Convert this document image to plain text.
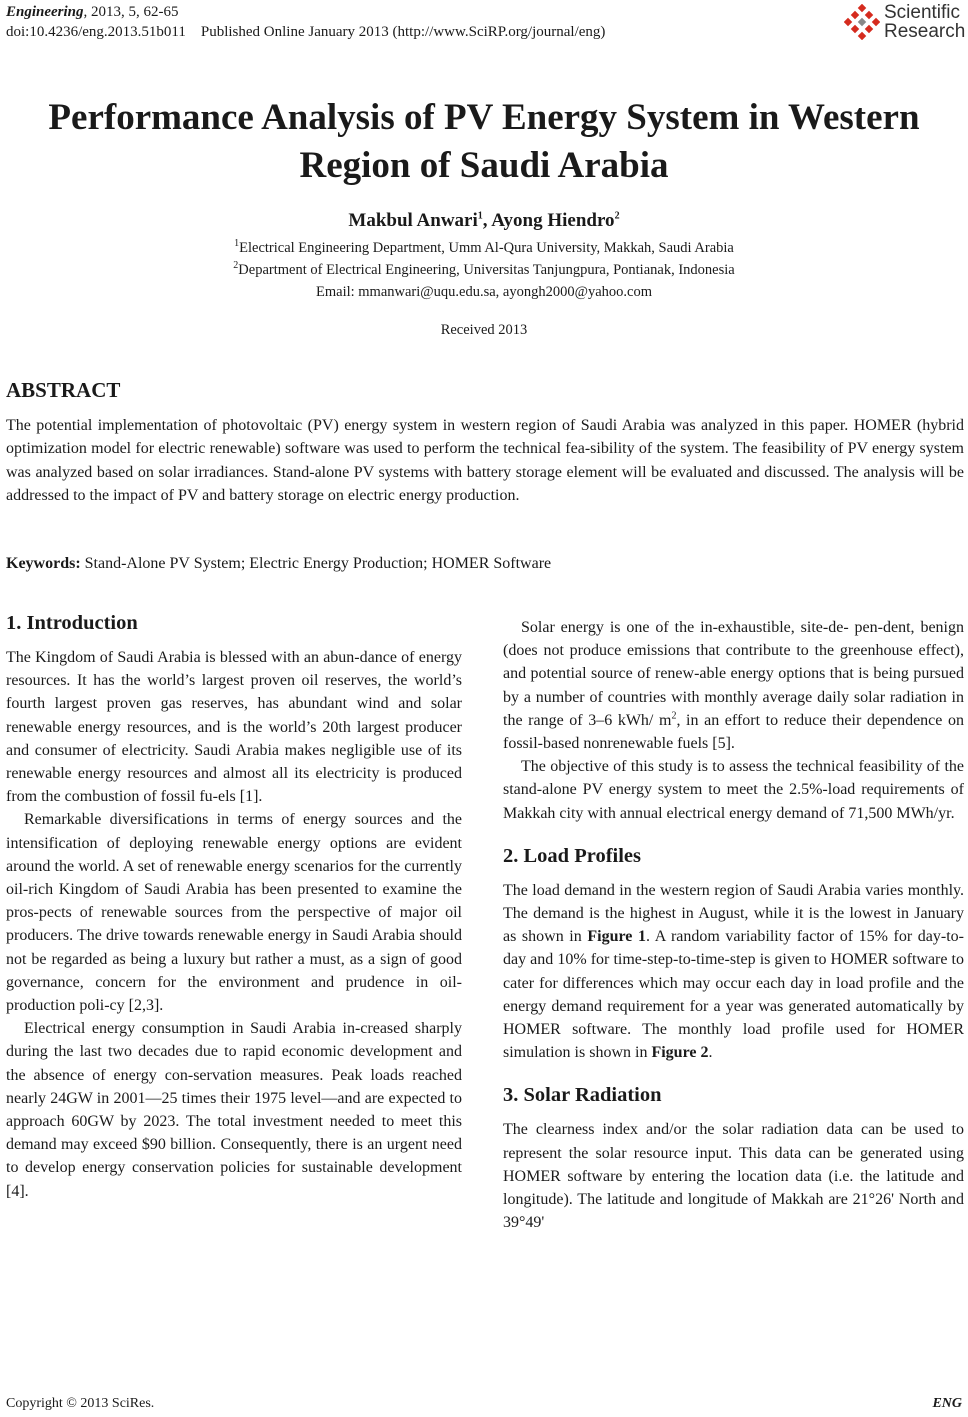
Engineering, 2013, 5, 62-65
doi:10.4236/eng.2013.51b011 Published Online January 2013 (http://www.SciRP.org/journal/eng)
Scientific
Research
Performance Analysis of PV Energy System in Western
Region of Saudi Arabia
Makbul Anwari$^1$, Ayong Hiendro$^2$
$^1$Electrical Engineering Department, Umm Al-Qura University, Makkah, Saudi Arabia
$^2$Department of Electrical Engineering, Universitas Tanjungpura, Pontianak, Indonesia
Email: mmanwari@uqu.edu.sa, ayongh2000@yahoo.com
Received 2013
ABSTRACT

The potential implementation of photovoltaic (PV) energy system in western region of Saudi Arabia was analyzed in this paper. HOMER (hybrid optimization model for electric renewable) software was used to perform the technical fea-sibility of the system. The feasibility of PV energy system was analyzed based on solar irradiances. Stand-alone PV systems with battery storage element will be evaluated and discussed. The analysis will be addressed to the impact of PV and battery storage on electric energy production.

Keywords: Stand-Alone PV System; Electric Energy Production; HOMER Software
1. Introduction

The Kingdom of Saudi Arabia is blessed with an abun-dance of energy resources. It has the world’s largest proven oil reserves, the world’s fourth largest proven gas reserves, has abundant wind and solar renewable energy resources, and is the world’s 20th largest producer and consumer of electricity. Saudi Arabia makes negligible use of its renewable energy resources and almost all its electricity is produced from the combustion of fossil fu-els [1].

Remarkable diversifications in terms of energy sources and the intensification of deploying renewable energy options are evident around the world. A set of renewable energy scenarios for the currently oil-rich Kingdom of Saudi Arabia has been presented to examine the pros-pects of renewable sources from the perspective of major oil producers. The drive towards renewable energy in Saudi Arabia should not be regarded as being a luxury but rather a must, as a sign of good governance, concern for the environment and prudence in oil-production poli-cy [2,3].

Electrical energy consumption in Saudi Arabia in-creased sharply during the last two decades due to rapid economic development and the absence of energy con-servation measures. Peak loads reached nearly 24GW in 2001—25 times their 1975 level—and are expected to approach 60GW by 2023. The total investment needed to meet this demand may exceed $90 billion. Consequently, there is an urgent need to develop energy conservation policies for sustainable development [4].

Solar energy is one of the in-exhaustible, site-de- pen-dent, benign (does not produce emissions that contribute to the greenhouse effect), and potential source of renew-able energy options that is being pursued by a number of countries with monthly average daily solar radiation in the range of 3–6 kWh/ $m^2$, in an effort to reduce their dependence on fossil-based nonrenewable fuels [5].

The objective of this study is to assess the technical feasibility of the stand-alone PV energy system to meet the 2.5%-load requirements of Makkah city with annual electrical energy demand of 71,500 MWh/yr.

2. Load Profiles

The load demand in the western region of Saudi Arabia varies monthly. The demand is the highest in August, while it is the lowest in January as shown in Figure 1. A random variability factor of 15% for day-to-day and 10% for time-step-to-time-step is given to HOMER software to cater for differences which may occur each day in load profile and the energy demand requirement for a year was generated automatically by HOMER software. The monthly load profile used for HOMER simulation is shown in Figure 2.

3. Solar Radiation

The clearness index and/or the solar radiation data can be used to represent the solar resource input. This data can be generated using HOMER software by entering the location data (i.e. the latitude and longitude). The latitude and longitude of Makkah are 21°26' North and 39°49'

Copyright © 2013 SciRes.	ENG
